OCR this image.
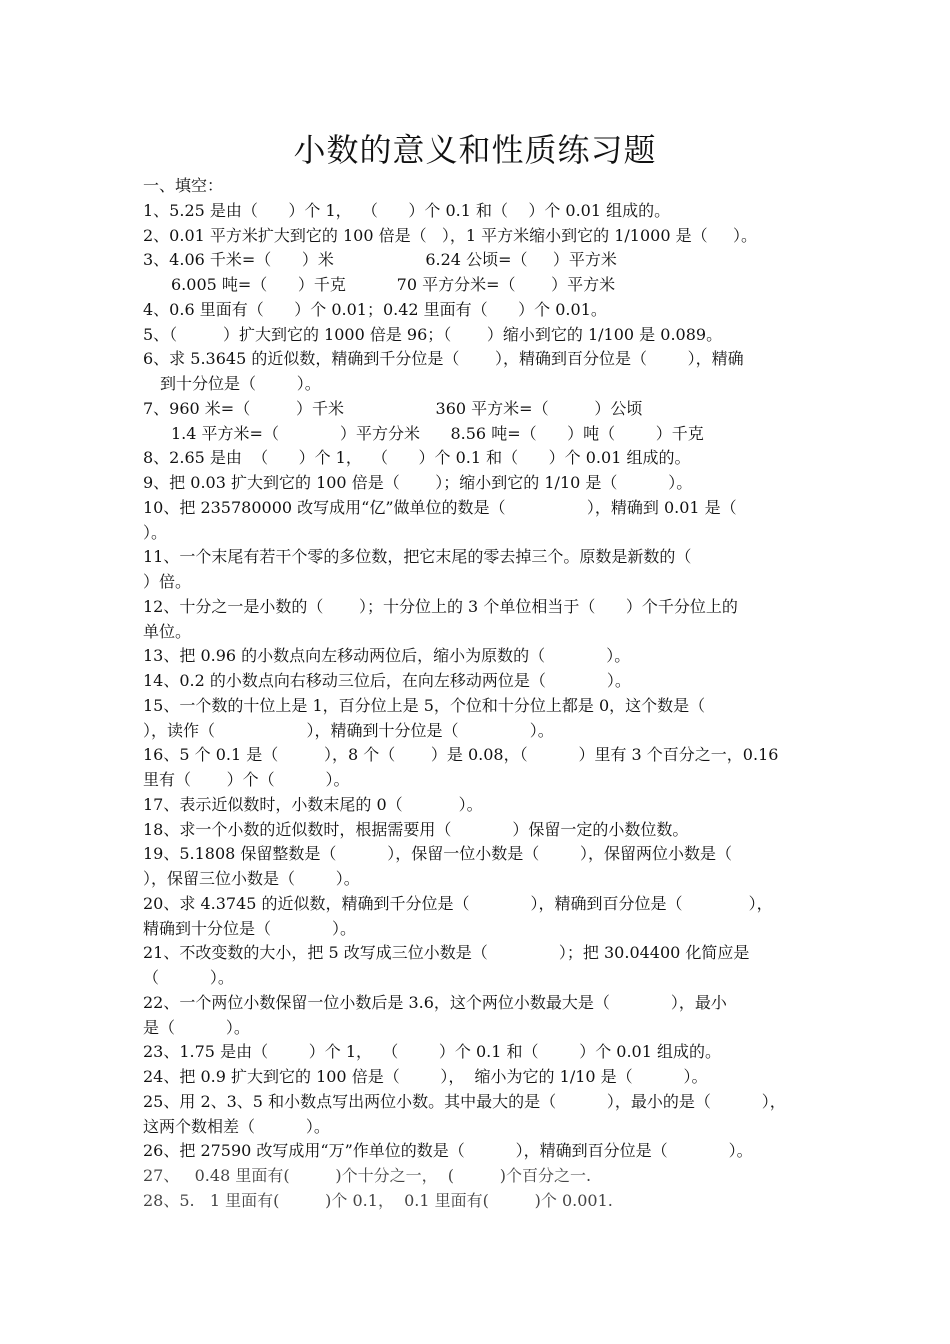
小数的意义和性质练习题
一、填空：
1、5.25 是由（      ）个 1，  （      ）个 0.1 和（    ）个 0.01 组成的。
2、0.01 平方米扩大到它的 100 倍是（   ），1 平方米缩小到它的 1/1000 是（     ）。
3、4.06 千米=（      ）米                  6.24 公顷=（     ）平方米
6.005 吨=（      ）千克          70 平方分米=（       ）平方米
4、0.6 里面有（      ）个 0.01；0.42 里面有（      ）个 0.01。
5、（         ）扩大到它的 1000 倍是 96；（       ）缩小到它的 1/100 是 0.089。
6、求 5.3645 的近似数，精确到千分位是（       ），精确到百分位是（        ），精确
到十分位是（        ）。
7、960 米=（         ）千米                  360 平方米=（         ）公顷
1.4 平方米=（            ）平方分米      8.56 吨=（      ）吨（        ）千克
8、2.65 是由  （      ）个 1，  （      ）个 0.1 和（      ）个 0.01 组成的。
9、把 0.03 扩大到它的 100 倍是（       ）；缩小到它的 1/10 是（          ）。
10、把 235780000 改写成用“亿”做单位的数是（                ），精确到 0.01 是（
）。
11、一个末尾有若干个零的多位数，把它末尾的零去掉三个。原数是新数的（
）倍。
12、十分之一是小数的（       ）；十分位上的 3 个单位相当于（      ）个千分位上的
单位。
13、把 0.96 的小数点向左移动两位后，缩小为原数的（            ）。
14、0.2 的小数点向右移动三位后，在向左移动两位是（            ）。
15、一个数的十位上是 1，百分位上是 5，个位和十分位上都是 0，这个数是（
），读作（                  ），精确到十分位是（              ）。
16、5 个 0.1 是（         ），8 个（       ）是 0.08，（          ）里有 3 个百分之一，0.16
里有（       ）个（          ）。
17、表示近似数时，小数末尾的 0（           ）。
18、求一个小数的近似数时，根据需要用（            ）保留一定的小数位数。
19、5.1808 保留整数是（          ），保留一位小数是（        ），保留两位小数是（
），保留三位小数是（        ）。
20、求 4.3745 的近似数，精确到千分位是（            ），精确到百分位是（             ），
精确到十分位是（            ）。
21、不改变数的大小，把 5 改写成三位小数是（              ）；把 30.04400 化简应是
（          ）。
22、一个两位小数保留一位小数后是 3.6，这个两位小数最大是（            ），最小
是（          ）。
23、1.75 是由（        ）个 1，  （        ）个 0.1 和（        ）个 0.01 组成的。
24、把 0.9 扩大到它的 100 倍是（        ），  缩小为它的 1/10 是（          ）。
25、用 2、3、5 和小数点写出两位小数。其中最大的是（          ），最小的是（          ），
这两个数相差（          ）。
26、把 27590 改写成用“万”作单位的数是（          ），精确到百分位是（            ）。
27、   0.48 里面有(         )个十分之一，  (         )个百分之一.
28、5.   1 里面有(         )个 0.1，  0.1 里面有(         )个 0.001.
